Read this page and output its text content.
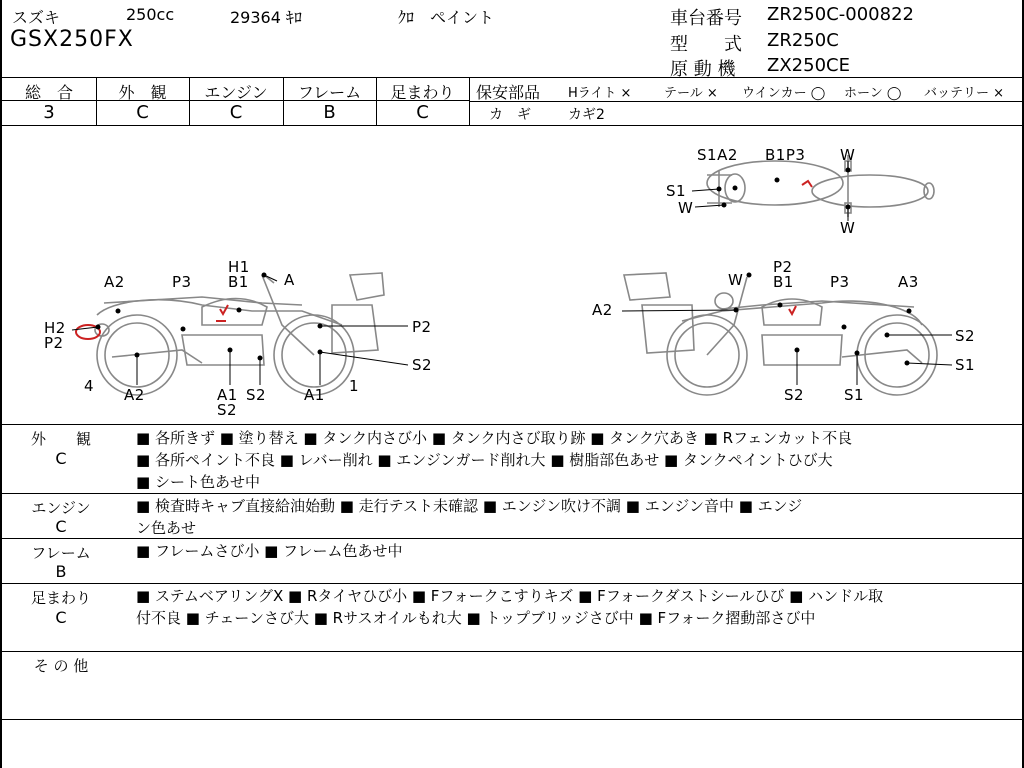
スズキ	250cc	29364 ｷﾛ	ｸﾛ　ペイント
GSX250FX
車台番号 ZR250C-000822
型　　式 ZR250C
原 動 機 ZX250CE
総　合	外　観	エンジン	フレーム	足まわり
3	C	C	B	C
保安部品 Hライト ×	テール × ウインカー ◯ ホーン ◯ バッテリー ×
カ　ギ	カギ2
S1A2 B1P3 W
S1
W
W
H1
A2	P3 B1 A
H2
P2
P2
S2
4 A2	A1
S2
S2	A1 1
W
P2
B1 P3	A3
A2
S2
S1
S2	S1
外　　観
C
■ 各所きず ■ 塗り替え ■ タンク内さび小 ■ タンク内さび取り跡 ■ タンク穴あき ■ Rフェンカット不良
■ 各所ペイント不良 ■ レバー削れ ■ エンジンガード削れ大 ■ 樹脂部色あせ ■ タンクペイントひび大
■ シート色あせ中
エンジン
C
■ 検査時キャブ直接給油始動 ■ 走行テスト未確認 ■ エンジン吹け不調 ■ エンジン音中 ■ エンジ
ン色あせ
フレーム
B
■ フレームさび小 ■ フレーム色あせ中
足まわり
C
■ ステムベアリングX ■ Rタイヤひび小 ■ Fフォークこすりキズ ■ Fフォークダストシールひび ■ ハンドル取
付不良 ■ チェーンさび大 ■ Rサスオイルもれ大 ■ トップブリッジさび中 ■ Fフォーク摺動部さび中
そ の 他
